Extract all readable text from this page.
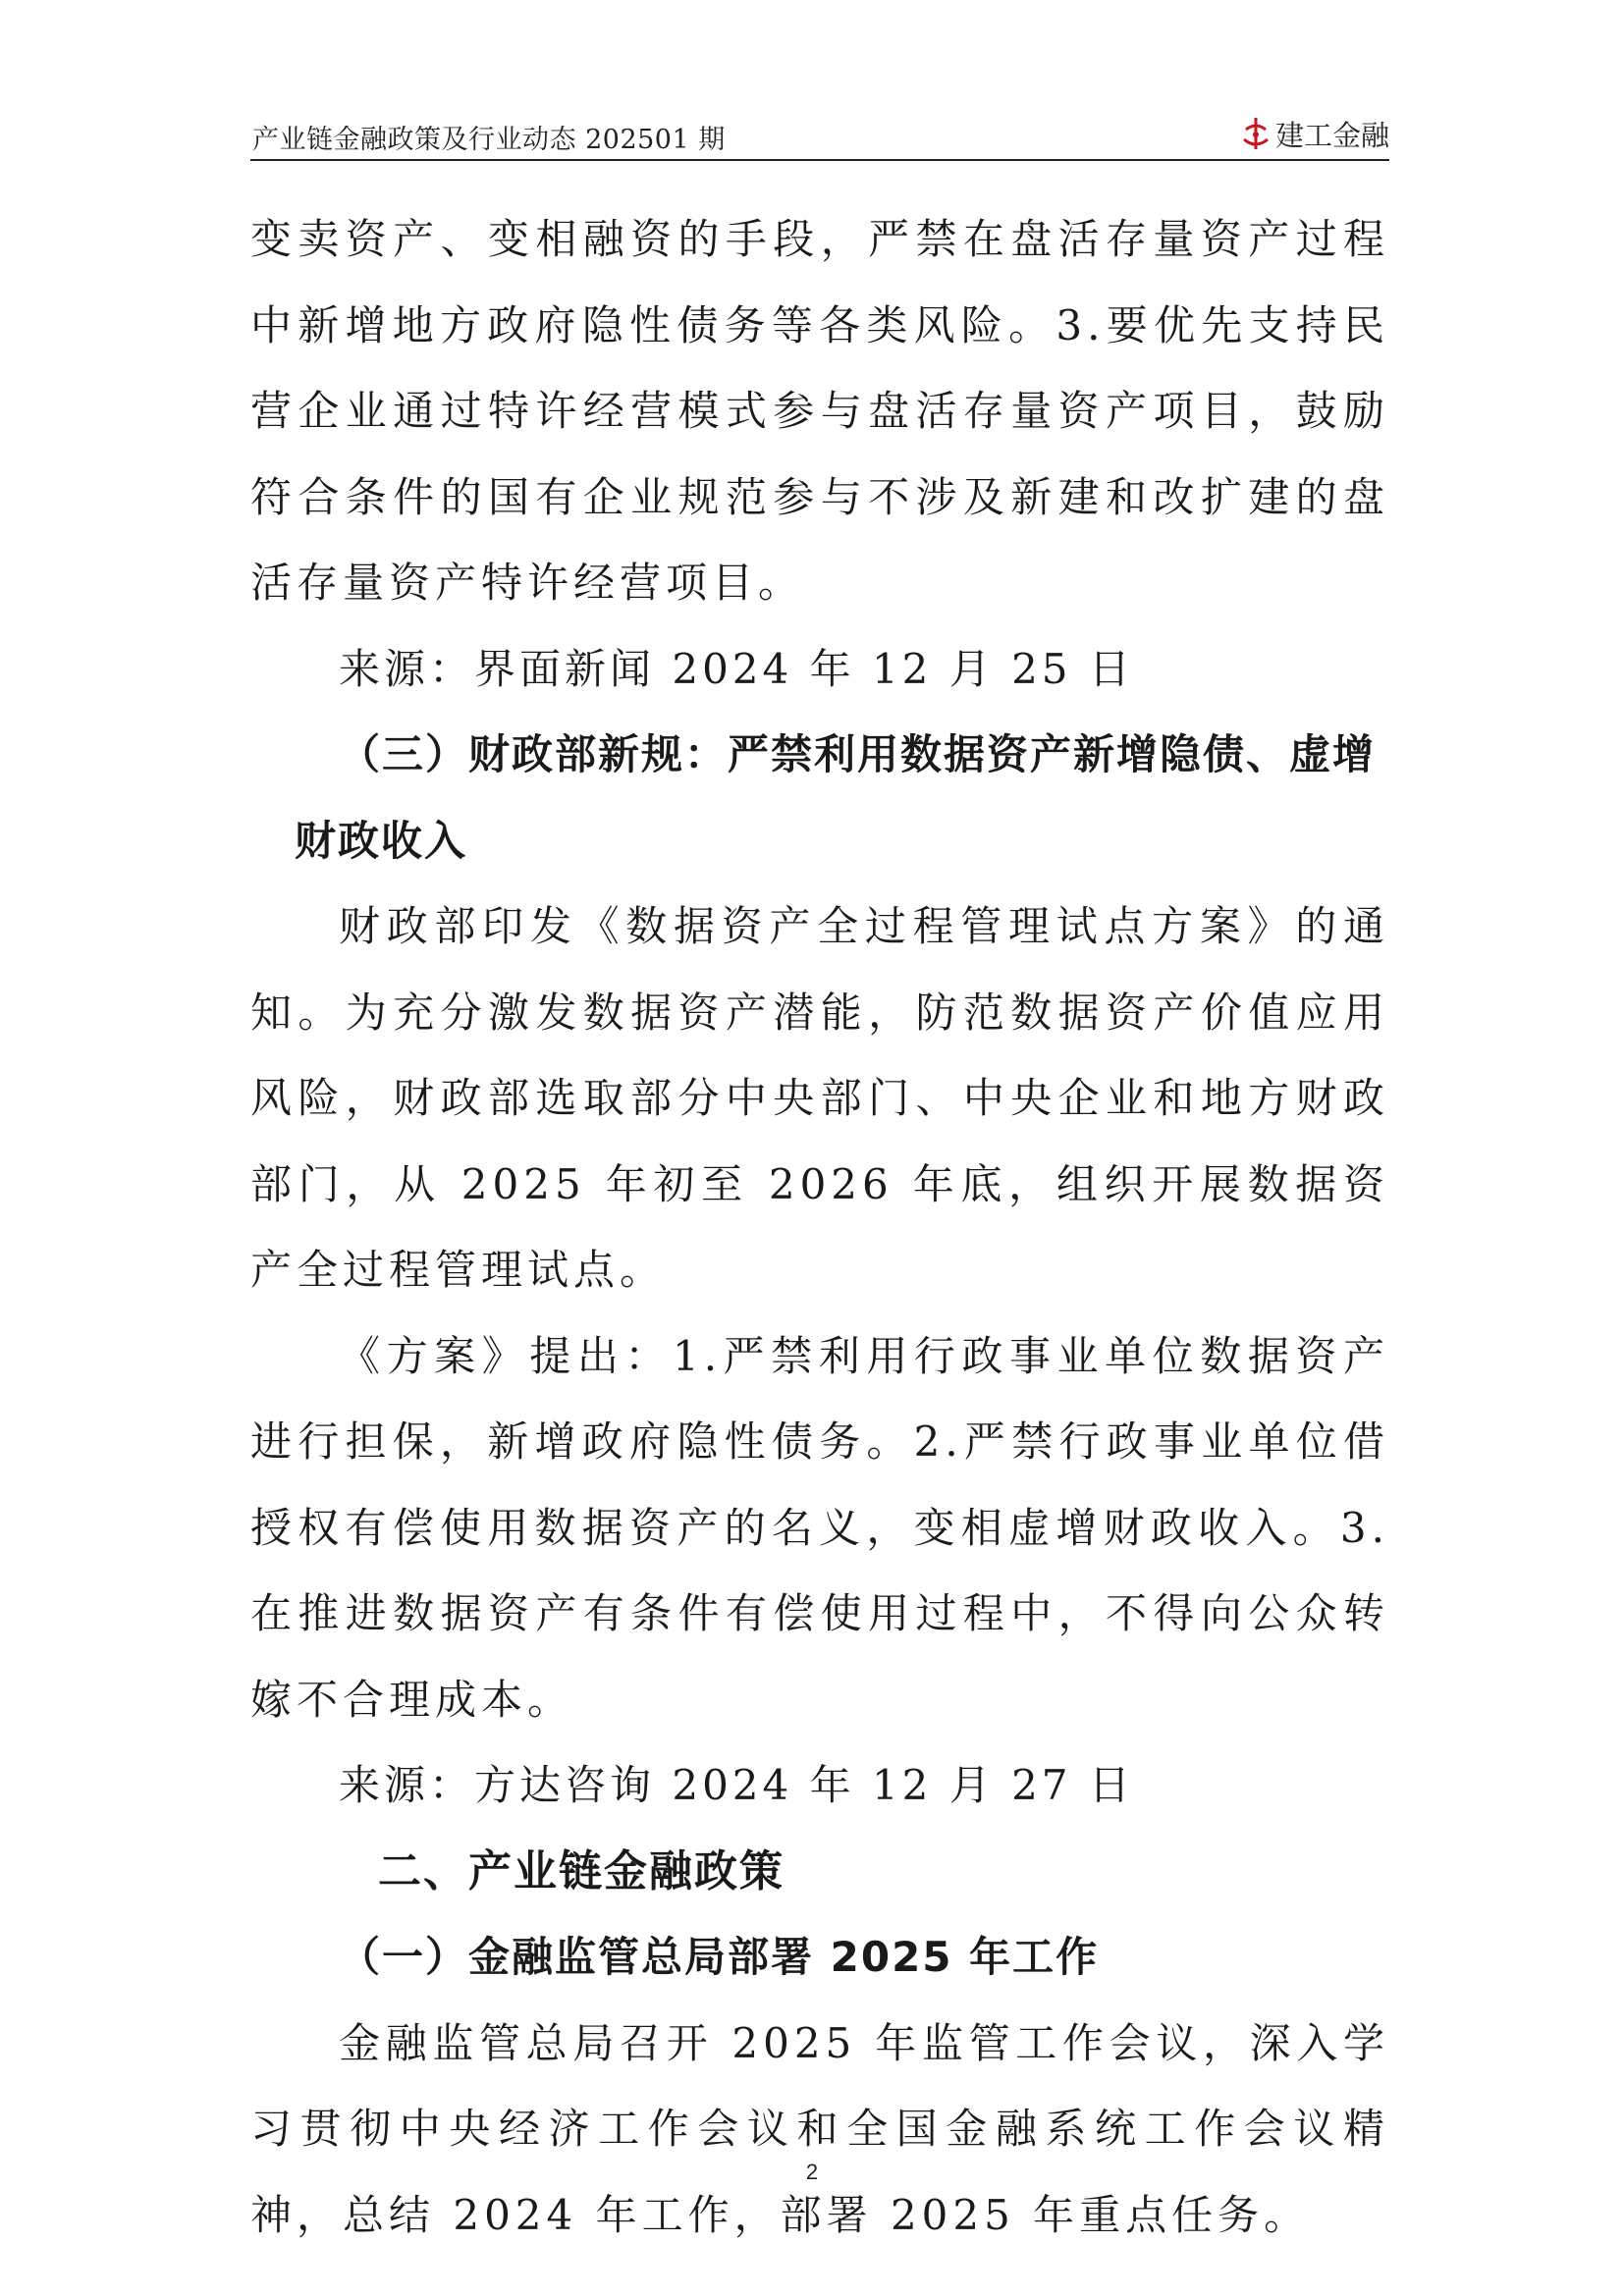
产业链金融政策及行业动态 202501 期	建工金融

变卖资产、变相融资的手段，严禁在盘活存量资产过程中新增地方政府隐性债务等各类风险。3.要优先支持民营企业通过特许经营模式参与盘活存量资产项目，鼓励符合条件的国有企业规范参与不涉及新建和改扩建的盘活存量资产特许经营项目。

来源：界面新闻 2024 年 12 月 25 日

（三）财政部新规：严禁利用数据资产新增隐债、虚增
财政收入

财政部印发《数据资产全过程管理试点方案》的通知。为充分激发数据资产潜能，防范数据资产价值应用风险，财政部选取部分中央部门、中央企业和地方财政部门，从 2025 年初至 2026 年底，组织开展数据资产全过程管理试点。

《方案》提出：1.严禁利用行政事业单位数据资产进行担保，新增政府隐性债务。2.严禁行政事业单位借授权有偿使用数据资产的名义，变相虚增财政收入。3.在推进数据资产有条件有偿使用过程中，不得向公众转嫁不合理成本。

来源：方达咨询 2024 年 12 月 27 日

二、产业链金融政策

（一）金融监管总局部署 2025 年工作

金融监管总局召开 2025 年监管工作会议，深入学习贯彻中央经济工作会议和全国金融系统工作会议精神，总结 2024 年工作，部署 2025 年重点任务。

2
